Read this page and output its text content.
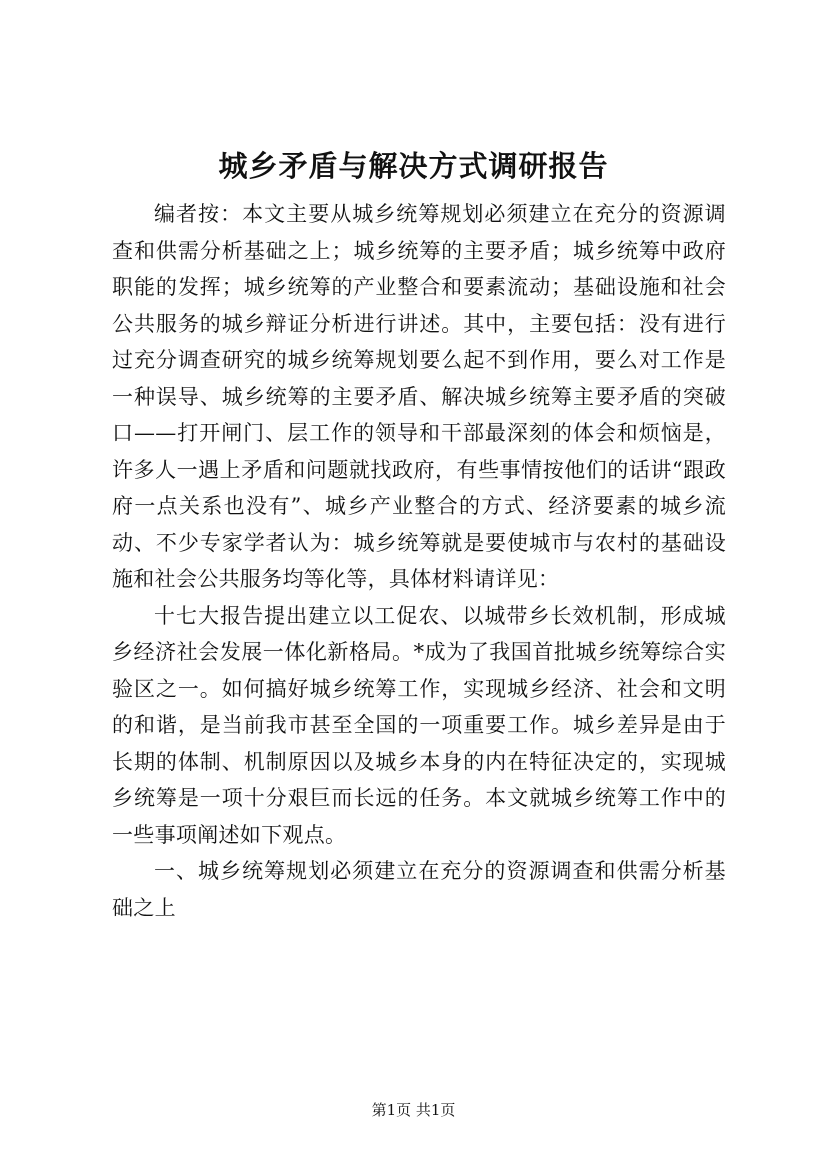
城乡矛盾与解决方式调研报告

编者按：本文主要从城乡统筹规划必须建立在充分的资源调查和供需分析基础之上；城乡统筹的主要矛盾；城乡统筹中政府职能的发挥；城乡统筹的产业整合和要素流动；基础设施和社会公共服务的城乡辩证分析进行讲述。其中，主要包括：没有进行过充分调查研究的城乡统筹规划要么起不到作用，要么对工作是一种误导、城乡统筹的主要矛盾、解决城乡统筹主要矛盾的突破口——打开闸门、层工作的领导和干部最深刻的体会和烦恼是，许多人一遇上矛盾和问题就找政府，有些事情按他们的话讲“跟政府一点关系也没有”、城乡产业整合的方式、经济要素的城乡流动、不少专家学者认为：城乡统筹就是要使城市与农村的基础设施和社会公共服务均等化等，具体材料请详见：

十七大报告提出建立以工促农、以城带乡长效机制，形成城乡经济社会发展一体化新格局。*成为了我国首批城乡统筹综合实验区之一。如何搞好城乡统筹工作，实现城乡经济、社会和文明的和谐，是当前我市甚至全国的一项重要工作。城乡差异是由于长期的体制、机制原因以及城乡本身的内在特征决定的，实现城乡统筹是一项十分艰巨而长远的任务。本文就城乡统筹工作中的一些事项阐述如下观点。

一、城乡统筹规划必须建立在充分的资源调查和供需分析基础之上

第1页 共1页
